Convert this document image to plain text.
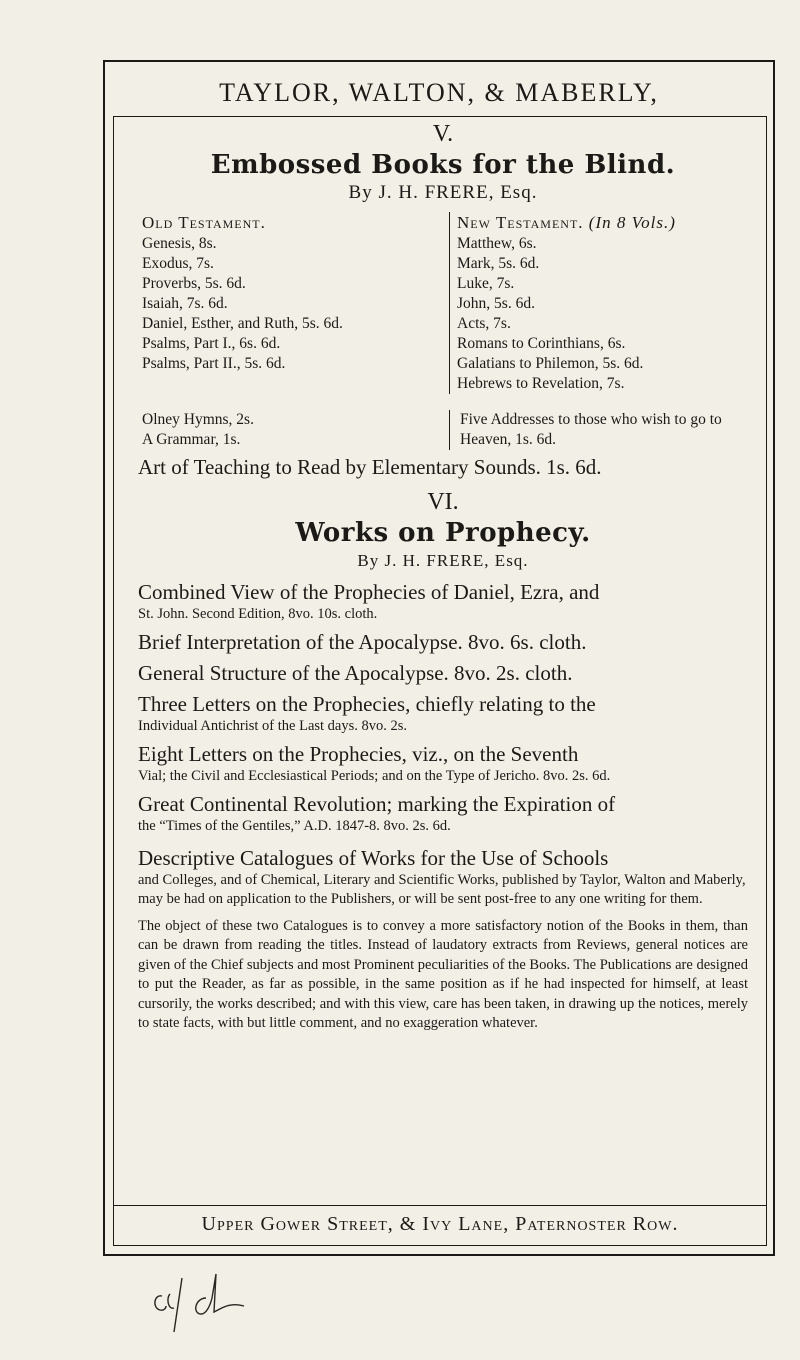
TAYLOR, WALTON, & MABERLY,

V.

Embossed Books for the Blind.
By J. H. FRERE, Esq.
Old Testament.
Genesis, 8s.
Exodus, 7s.
Proverbs, 5s. 6d.
Isaiah, 7s. 6d.
Daniel, Esther, and Ruth, 5s. 6d.
Psalms, Part I., 6s. 6d.
Psalms, Part II., 5s. 6d.
New Testament. (In 8 Vols.)
Matthew, 6s.
Mark, 5s. 6d.
Luke, 7s.
John, 5s. 6d.
Acts, 7s.
Romans to Corinthians, 6s.
Galatians to Philemon, 5s. 6d.
Hebrews to Revelation, 7s.
Olney Hymns, 2s.
A Grammar, 1s.
Five Addresses to those who wish to go to Heaven, 1s. 6d.
Art of Teaching to Read by Elementary Sounds. 1s. 6d.

VI.

Works on Prophecy.
By J. H. FRERE, Esq.
Combined View of the Prophecies of Daniel, Ezra, and
St. John. Second Edition, 8vo. 10s. cloth.
Brief Interpretation of the Apocalypse. 8vo. 6s. cloth.
General Structure of the Apocalypse. 8vo. 2s. cloth.
Three Letters on the Prophecies, chiefly relating to the
Individual Antichrist of the Last days. 8vo. 2s.
Eight Letters on the Prophecies, viz., on the Seventh
Vial; the Civil and Ecclesiastical Periods; and on the Type of Jericho. 8vo. 2s. 6d.
Great Continental Revolution; marking the Expiration of
the “Times of the Gentiles,” A.D. 1847-8. 8vo. 2s. 6d.
Descriptive Catalogues of Works for the Use of Schools
and Colleges, and of Chemical, Literary and Scientific Works, published by Taylor, Walton and Maberly, may be had on application to the Publishers, or will be sent post-free to any one writing for them.
The object of these two Catalogues is to convey a more satisfactory notion of the Books in them, than can be drawn from reading the titles. Instead of laudatory extracts from Reviews, general notices are given of the Chief subjects and most Prominent peculiarities of the Books. The Publications are designed to put the Reader, as far as possible, in the same position as if he had inspected for himself, at least cursorily, the works described; and with this view, care has been taken, in drawing up the notices, merely to state facts, with but little comment, and no exaggeration whatever.
Upper Gower Street, & Ivy Lane, Paternoster Row.
